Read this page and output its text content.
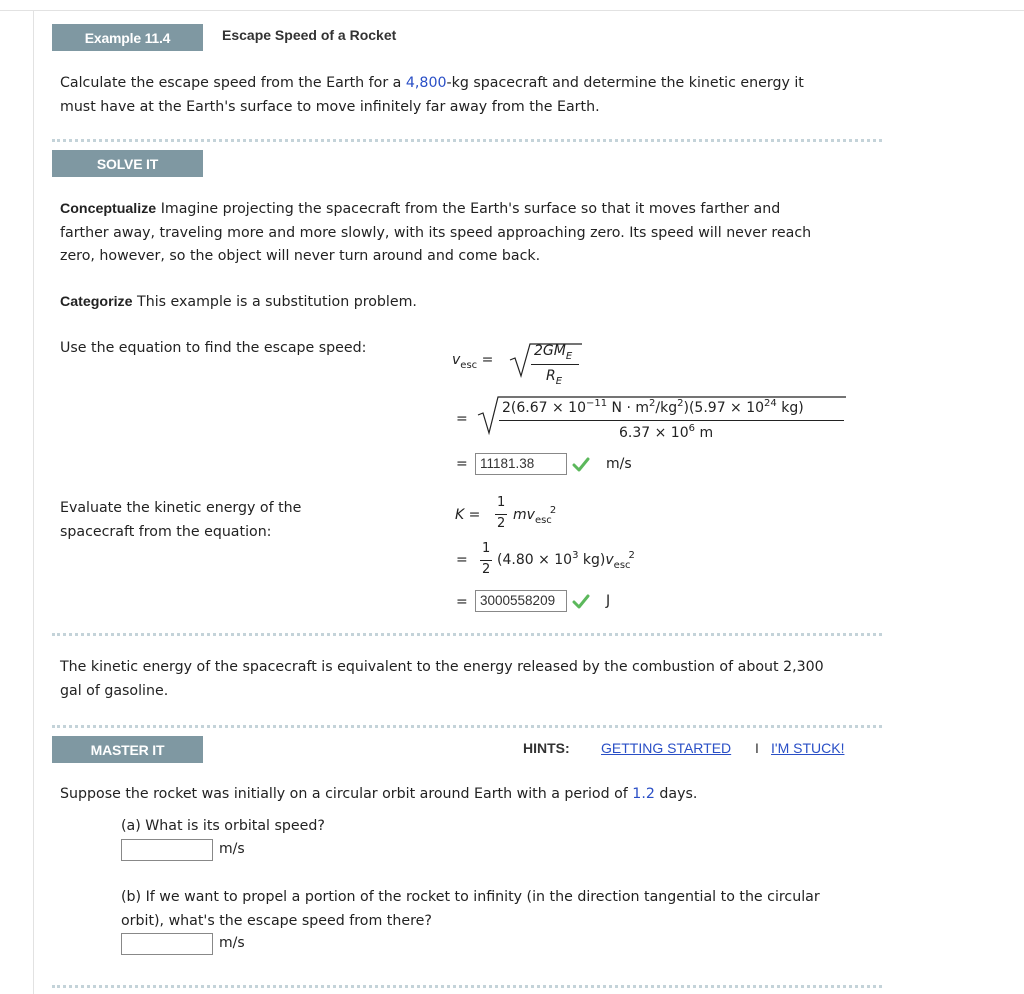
Example 11.4	Escape Speed of a Rocket
Calculate the escape speed from the Earth for a 4,800-kg spacecraft and determine the kinetic energy it
must have at the Earth's surface to move infinitely far away from the Earth.
SOLVE IT
Conceptualize Imagine projecting the spacecraft from the Earth's surface so that it moves farther and
farther away, traveling more and more slowly, with its speed approaching zero. Its speed will never reach
zero, however, so the object will never turn around and come back.
Categorize This example is a substitution problem.
Use the equation to find the escape speed:
$v_{esc}$ =
$2GM_E$
$R_E$
=
$2(6.67 \times 10^{-11}$ $N \cdot m^2/kg^2)(5.97 \times 10^{24}$ kg)
$6.37 \times 10^6$ m
= 11181.38	m/s
Evaluate the kinetic energy of the
spacecraft from the equation:
K =
1
2
$mv_{esc}^2$
=
1
2
($4.80 \times 10^3$ $kg)v_{esc}^2$
= 3000558209	J
The kinetic energy of the spacecraft is equivalent to the energy released by the combustion of about 2,300
gal of gasoline.
MASTER IT	HINTS: GETTING STARTED I I'M STUCK!
Suppose the rocket was initially on a circular orbit around Earth with a period of 1.2 days.
(a) What is its orbital speed?
m/s
(b) If we want to propel a portion of the rocket to infinity (in the direction tangential to the circular
orbit), what's the escape speed from there?
m/s
